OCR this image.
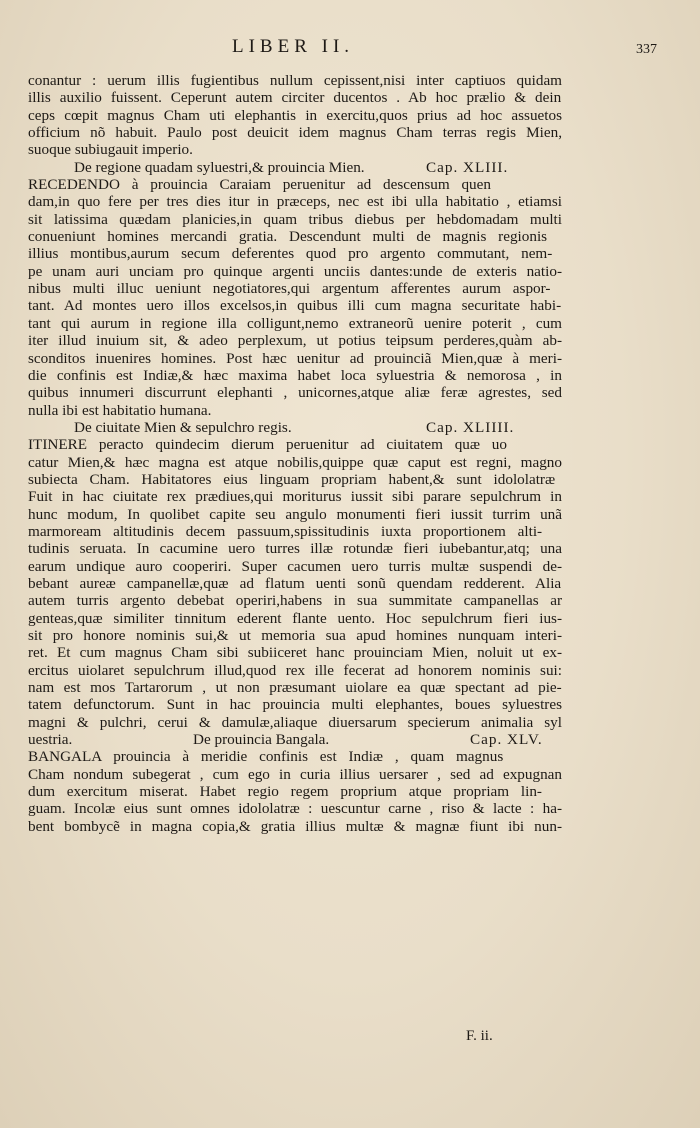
LIBER II.	337
conantur : uerum illis fugientibus nullum cepissent,nisi inter captiuos quidam
illis auxilio fuissent. Ceperunt autem circiter ducentos . Ab hoc prælio & dein
ceps cœpit magnus Cham uti elephantis in exercitu,quos prius ad hoc assuetos
officium nõ habuit. Paulo post deuicit idem magnus Cham terras regis Mien,
suoque subiugauit imperio.
De regione quadam syluestri,& prouincia Mien.	Cap. XLIII.
RECEDENDO à prouincia Caraiam peruenitur ad descensum quen
dam,in quo fere per tres dies itur in præceps, nec est ibi ulla habitatio , etiamsi
sit latissima quædam planicies,in quam tribus diebus per hebdomadam multi
conueniunt homines mercandi gratia. Descendunt multi de magnis regionis
illius montibus,aurum secum deferentes quod pro argento commutant, nem-
pe unam auri unciam pro quinque argenti unciis dantes:unde de exteris natio-
nibus multi illuc ueniunt negotiatores,qui argentum afferentes aurum aspor-
tant. Ad montes uero illos excelsos,in quibus illi cum magna securitate habi-
tant qui aurum in regione illa colligunt,nemo extraneorũ uenire poterit , cum
iter illud inuium sit, & adeo perplexum, ut potius teipsum perderes,quàm ab-
sconditos inuenires homines. Post hæc uenitur ad prouinciã Mien,quæ à meri-
die confinis est Indiæ,& hæc maxima habet loca syluestria & nemorosa , in
quibus innumeri discurrunt elephanti , unicornes,atque aliæ feræ agrestes, sed
nulla ibi est habitatio humana.
De ciuitate Mien & sepulchro regis.	Cap. XLIIII.
ITINERE peracto quindecim dierum peruenitur ad ciuitatem quæ uo
catur Mien,& hæc magna est atque nobilis,quippe quæ caput est regni, magno
subiecta Cham. Habitatores eius linguam propriam habent,& sunt idololatræ
Fuit in hac ciuitate rex prædiues,qui moriturus iussit sibi parare sepulchrum in
hunc modum, In quolibet capite seu angulo monumenti fieri iussit turrim unã
marmoream altitudinis decem passuum,spissitudinis iuxta proportionem alti-
tudinis seruata. In cacumine uero turres illæ rotundæ fieri iubebantur,atq; una
earum undique auro cooperiri. Super cacumen uero turris multæ suspendi de-
bebant aureæ campanellæ,quæ ad flatum uenti sonũ quendam redderent. Alia
autem turris argento debebat operiri,habens in sua summitate campanellas ar
genteas,quæ similiter tinnitum ederent flante uento. Hoc sepulchrum fieri ius-
sit pro honore nominis sui,& ut memoria sua apud homines nunquam interi-
ret. Et cum magnus Cham sibi subiiceret hanc prouinciam Mien, noluit ut ex-
ercitus uiolaret sepulchrum illud,quod rex ille fecerat ad honorem nominis sui:
nam est mos Tartarorum , ut non præsumant uiolare ea quæ spectant ad pie-
tatem defunctorum. Sunt in hac prouincia multi elephantes, boues syluestres
magni & pulchri, cerui & damulæ,aliaque diuersarum specierum animalia syl
uestria.	De prouincia Bangala.	Cap. XLV.
BANGALA prouincia à meridie confinis est Indiæ , quam magnus
Cham nondum subegerat , cum ego in curia illius uersarer , sed ad expugnan
dum exercitum miserat. Habet regio regem proprium atque propriam lin-
guam. Incolæ eius sunt omnes idololatræ : uescuntur carne , riso & lacte : ha-
bent bombycẽ in magna copia,& gratia illius multæ & magnæ fiunt ibi nun-
F. ii.
